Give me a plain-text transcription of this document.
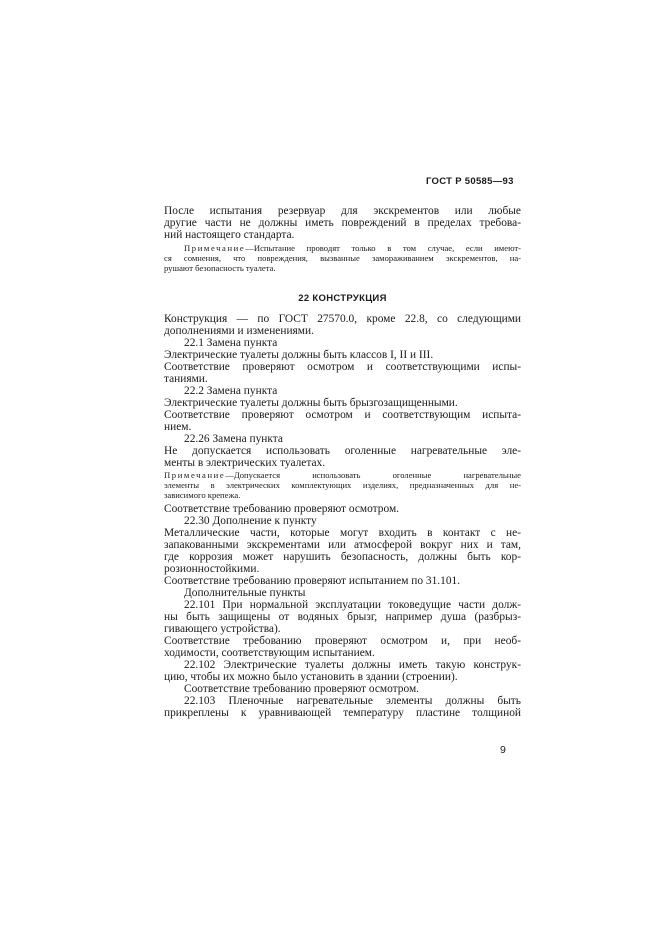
ГОСТ Р 50585—93
После испытания резервуар для экскрементов или любые
другие части не должны иметь повреждений в пределах требова-
ний настоящего стандарта.
Примечание—Испытание проводят только в том случае, если имеют-
ся сомнения, что повреждения, вызванные замораживанием экскрементов, на-
рушают безопасность туалета.
22 КОНСТРУКЦИЯ
Конструкция — по ГОСТ 27570.0, кроме 22.8, со следующими
дополнениями и изменениями.
22.1 Замена пункта
Электрические туалеты должны быть классов I, II и III.
Соответствие проверяют осмотром и соответствующими испы-
таниями.
22.2 Замена пункта
Электрические туалеты должны быть брызгозащищенными.
Соответствие проверяют осмотром и соответствующим испыта-
нием.
22.26 Замена пункта
Не допускается использовать оголенные нагревательные эле-
менты в электрических туалетах.
Примечание—Допускается использовать оголенные нагревательные
элементы в электрических комплектующих изделиях, предназначенных для не-
зависимого крепежа.
Соответствие требованию проверяют осмотром.
22.30 Дополнение к пункту
Металлические части, которые могут входить в контакт с не-
запакованными экскрементами или атмосферой вокруг них и там,
где коррозия может нарушить безопасность, должны быть кор-
розионностойкими.
Соответствие требованию проверяют испытанием по 31.101.
Дополнительные пункты
22.101 При нормальной эксплуатации токоведущие части долж-
ны быть защищены от водяных брызг, например душа (разбрыз-
гивающего устройства).
Соответствие требованию проверяют осмотром и, при необ-
ходимости, соответствующим испытанием.
22.102 Электрические туалеты должны иметь такую конструк-
цию, чтобы их можно было установить в здании (строении).
Соответствие требованию проверяют осмотром.
22.103 Пленочные нагревательные элементы должны быть
прикреплены к уравнивающей температуру пластине толщиной
9
